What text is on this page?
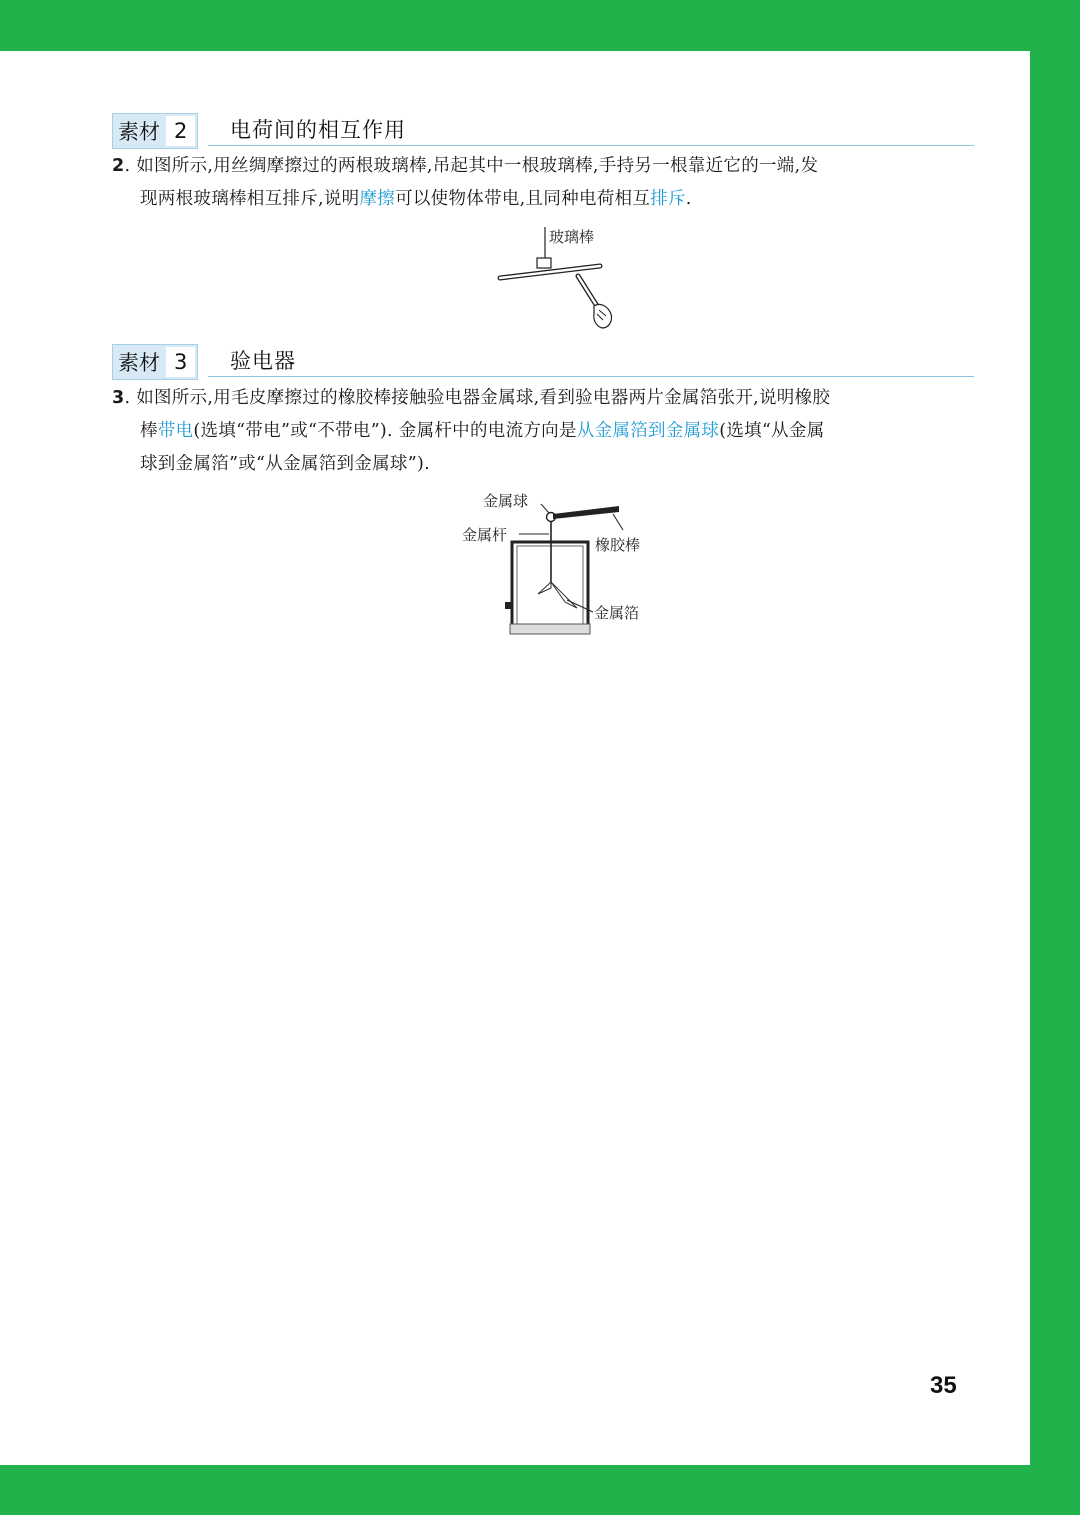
素材 2	电荷间的相互作用
2. 如图所示,用丝绸摩擦过的两根玻璃棒,吊起其中一根玻璃棒,手持另一根靠近它的一端,发
现两根玻璃棒相互排斥,说明摩擦可以使物体带电,且同种电荷相互排斥.
玻璃棒
素材 3	验电器
3. 如图所示,用毛皮摩擦过的橡胶棒接触验电器金属球,看到验电器两片金属箔张开,说明橡胶
棒带电(选填“带电”或“不带电”). 金属杆中的电流方向是从金属箔到金属球(选填“从金属
球到金属箔”或“从金属箔到金属球”).
金属球
金属杆
橡胶棒
金属箔
35
